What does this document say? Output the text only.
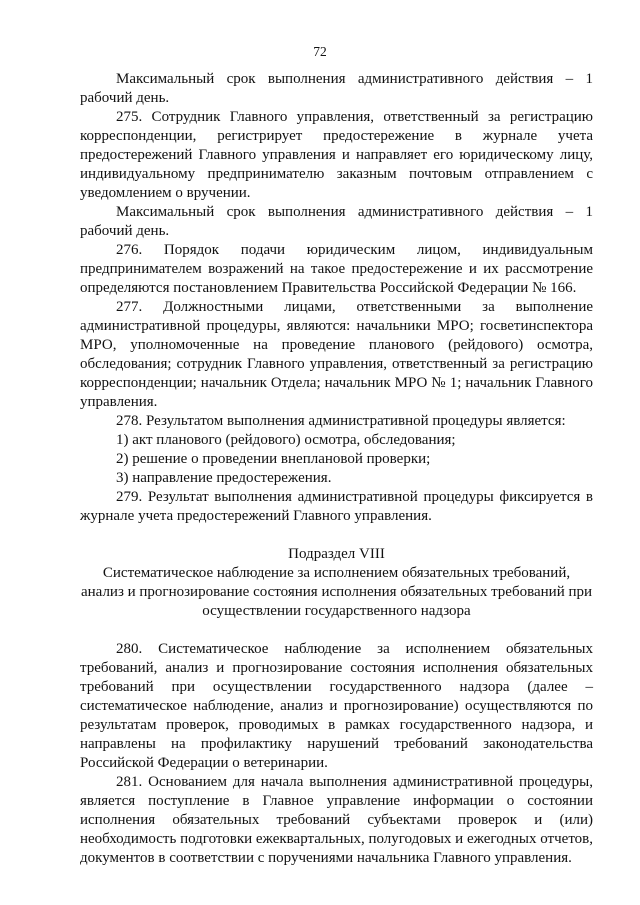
72

Максимальный срок выполнения административного действия – 1 рабочий день.

275. Сотрудник Главного управления, ответственный за регистрацию корреспонденции, регистрирует предостережение в журнале учета предостережений Главного управления и направляет его юридическому лицу, индивидуальному предпринимателю заказным почтовым отправлением с уведомлением о вручении.

Максимальный срок выполнения административного действия – 1 рабочий день.

276. Порядок подачи юридическим лицом, индивидуальным предпринимателем возражений на такое предостережение и их рассмотрение определяются постановлением Правительства Российской Федерации № 166.

277. Должностными лицами, ответственными за выполнение административной процедуры, являются: начальники МРО; госветинспектора МРО, уполномоченные на проведение планового (рейдового) осмотра, обследования; сотрудник Главного управления, ответственный за регистрацию корреспонденции; начальник Отдела; начальник МРО № 1; начальник Главного управления.

278. Результатом выполнения административной процедуры является:

1) акт планового (рейдового) осмотра, обследования;

2) решение о проведении внеплановой проверки;

3) направление предостережения.

279. Результат выполнения административной процедуры фиксируется в журнале учета предостережений Главного управления.

Подраздел VIII
Систематическое наблюдение за исполнением обязательных требований,
анализ и прогнозирование состояния исполнения обязательных требований при
осуществлении государственного надзора

280. Систематическое наблюдение за исполнением обязательных требований, анализ и прогнозирование состояния исполнения обязательных требований при осуществлении государственного надзора (далее – систематическое наблюдение, анализ и прогнозирование) осуществляются по результатам проверок, проводимых в рамках государственного надзора, и направлены на профилактику нарушений требований законодательства Российской Федерации о ветеринарии.

281. Основанием для начала выполнения административной процедуры, является поступление в Главное управление информации о состоянии исполнения обязательных требований субъектами проверок и (или) необходимость подготовки ежеквартальных, полугодовых и ежегодных отчетов, документов в соответствии с поручениями начальника Главного управления.
